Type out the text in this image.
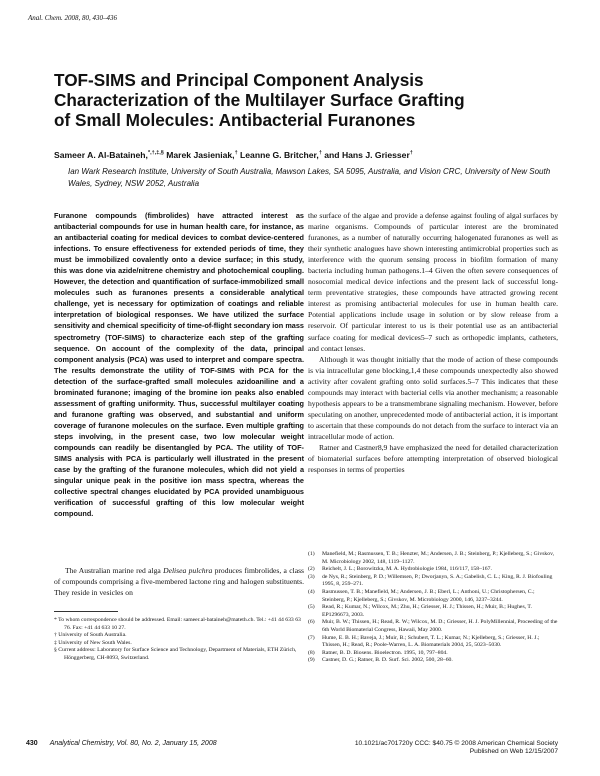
Anal. Chem. 2008, 80, 430–436
TOF-SIMS and Principal Component Analysis
Characterization of the Multilayer Surface Grafting
of Small Molecules: Antibacterial Furanones
Sameer A. Al-Bataineh,*,†,‡,§ Marek Jasieniak,† Leanne G. Britcher,† and Hans J. Griesser†
Ian Wark Research Institute, University of South Australia, Mawson Lakes, SA 5095, Australia, and Vision CRC, University of New South Wales, Sydney, NSW 2052, Australia

Furanone compounds (fimbrolides) have attracted interest as antibacterial compounds for use in human health care, for instance, as an antibacterial coating for medical devices to combat device-centered infections. To ensure effectiveness for extended periods of time, they must be immobilized covalently onto a device surface; in this study, this was done via azide/nitrene chemistry and photochemical coupling. However, the detection and quantification of surface-immobilized small molecules such as furanones presents a considerable analytical challenge, yet is necessary for optimization of coatings and reliable interpretation of biological responses. We have utilized the surface sensitivity and chemical specificity of time-of-flight secondary ion mass spectrometry (TOF-SIMS) to characterize each step of the grafting sequence. On account of the complexity of the data, principal component analysis (PCA) was used to interpret and compare spectra. The results demonstrate the utility of TOF-SIMS with PCA for the detection of the surface-grafted small molecules azidoaniline and a brominated furanone; imaging of the bromine ion peaks also enabled assessment of grafting uniformity. Thus, successful multilayer coating and furanone grafting was observed, and substantial and uniform coverage of furanone molecules on the surface. Even multiple grafting steps involving, in the present case, two low molecular weight compounds can readily be disentangled by PCA. The utility of TOF-SIMS analysis with PCA is particularly well illustrated in the present case by the grafting of the furanone molecules, which did not yield a singular unique peak in the positive ion mass spectra, whereas the collective spectral changes elucidated by PCA provided unambiguous verification of successful grafting of this low molecular weight compound.

The Australian marine red alga Delisea pulchra produces fimbrolides, a class of compounds comprising a five-membered lactone ring and halogen substituents. They reside in vesicles on

* To whom correspondence should be addressed. Email: sameer.al-bataineh@mateth.ch. Tel.: +41 44 633 63 76. Fax: +41 44 633 10 27.
† University of South Australia.
‡ University of New South Wales.
§ Current address: Laboratory for Surface Science and Technology, Department of Materials, ETH Zürich, Hönggerberg, CH-8093, Switzerland.

the surface of the algae and provide a defense against fouling of algal surfaces by marine organisms. Compounds of particular interest are the brominated furanones, as a number of naturally occurring halogenated furanones as well as their synthetic analogues have shown interesting antimicrobial properties such as interference with the quorum sensing process in biofilm formation of many bacteria including human pathogens.1–4 Given the often severe consequences of nosocomial medical device infections and the present lack of successful long-term preventative strategies, these compounds have attracted growing recent interest as promising antibacterial molecules for use in human health care. Potential applications include usage in solution or by slow release from a reservoir. Of particular interest to us is their potential use as an antibacterial surface coating for medical devices5–7 such as orthopedic implants, catheters, and contact lenses.

Although it was thought initially that the mode of action of these compounds is via intracellular gene blocking,1,4 these compounds unexpectedly also showed activity after covalent grafting onto solid surfaces.5–7 This indicates that these compounds may interact with bacterial cells via another mechanism; a reasonable hypothesis appears to be a transmembrane signaling mechanism. However, before speculating on another, unprecedented mode of antibacterial action, it is important to ascertain that these compounds do not detach from the surface to interact via an intracellular mode of action.

Ratner and Castner8,9 have emphasized the need for detailed characterization of biomaterial surfaces before attempting interpretation of observed biological responses in terms of properties

(1)	Manefield, M.; Rasmussen, T. B.; Henzter, M.; Andersen, J. B.; Steinberg, P.; Kjelleberg, S.; Givskov, M. Microbiology 2002, 148, 1119–1127.
(2)	Reichelt, J. L.; Borowitzka, M. A. Hydrobiologie 1984, 116/117, 158–167.
(3)	de Nys, R.; Steinberg, P. D.; Willemsen, P.; Dworjanyn, S. A.; Gabelish, C. L.; King, R. J. Biofouling 1995, 8, 259–271.
(4)	Rasmussen, T. B.; Manefield, M.; Andersen, J. B.; Eberl, L.; Anthoni, U.; Christophersen, C.; Steinberg, P.; Kjelleberg, S.; Givskov, M. Microbiology 2000, 146, 3237–3244.
(5)	Read, R.; Kumar, N.; Wilcox, M.; Zhu, H.; Griesser, H. J.; Thissen, H.; Muir, B.; Hughes, T. EP1296673, 2003.
(6)	Muir, B. W.; Thissen, H.; Read, R. W.; Wilcox, M. D.; Griesser, H. J. PolyMillennial, Proceeding of the 6th World Biomaterial Congress, Hawaii, May 2000.
(7)	Hume, E. B. H.; Baveja, J.; Muir, B.; Schubert, T. L.; Kumar, N.; Kjelleberg, S.; Griesser, H. J.; Thissen, H.; Read, R.; Poole-Warren, L. A. Biomaterials 2004, 25, 5023–5030.
(8)	Ratner, B. D. Biosens. Bioelectron. 1995, 10, 797–804.
(9)	Castner, D. G.; Ratner, B. D. Surf. Sci. 2002, 500, 28–60.
430 Analytical Chemistry, Vol. 80, No. 2, January 15, 2008	10.1021/ac701720y CCC: $40.75 © 2008 American Chemical Society
Published on Web 12/15/2007
